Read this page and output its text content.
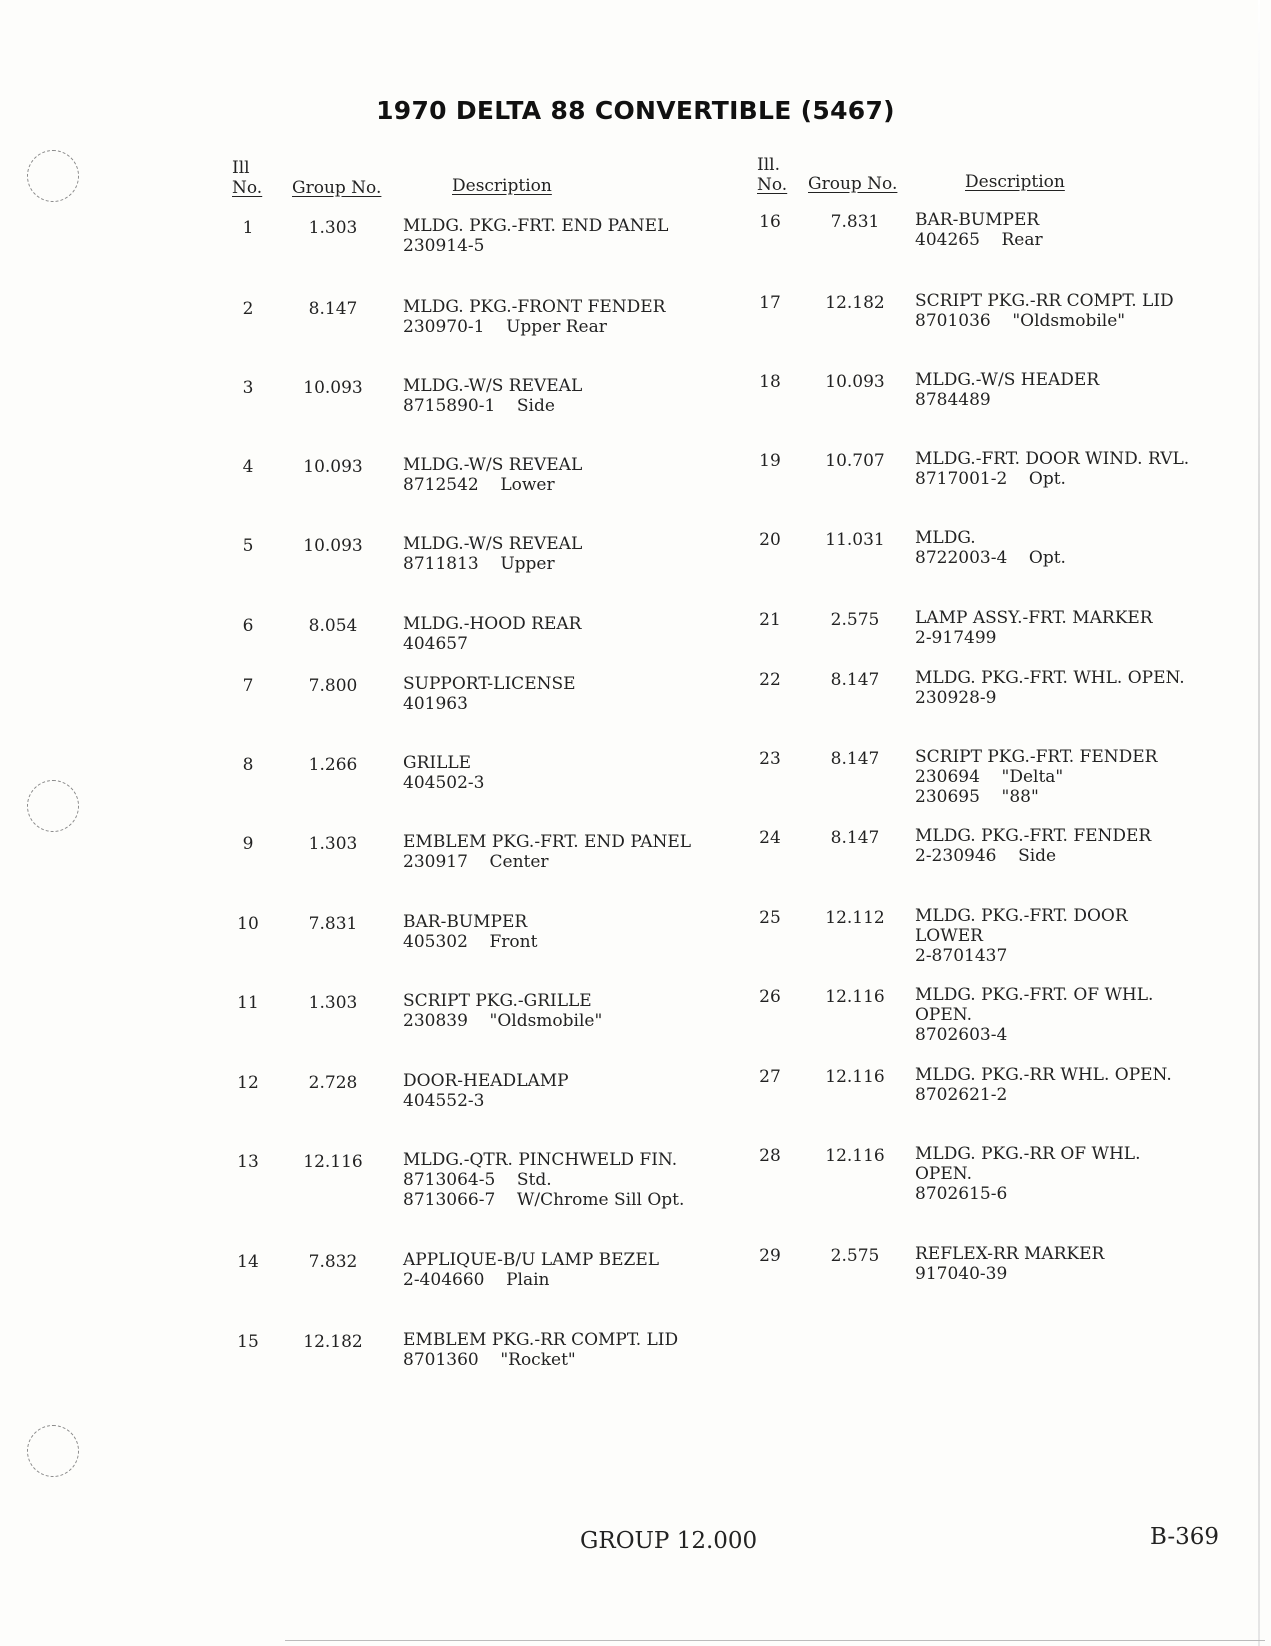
1970 DELTA 88 CONVERTIBLE (5467)
Ill
No. Group No.	Description
Ill.
No. Group No.	Description
1	1.303	MLDG. PKG.-FRT. END PANEL
230914-5
2	8.147	MLDG. PKG.-FRONT FENDER
230970-1    Upper Rear
3	10.093	MLDG.-W/S REVEAL
8715890-1    Side
4	10.093	MLDG.-W/S REVEAL
8712542    Lower
5	10.093	MLDG.-W/S REVEAL
8711813    Upper
6	8.054	MLDG.-HOOD REAR
404657
7	7.800	SUPPORT-LICENSE
401963
8	1.266	GRILLE
404502-3
9	1.303	EMBLEM PKG.-FRT. END PANEL
230917    Center
10	7.831	BAR-BUMPER
405302    Front
11	1.303	SCRIPT PKG.-GRILLE
230839    "Oldsmobile"
12	2.728	DOOR-HEADLAMP
404552-3
13	12.116	MLDG.-QTR. PINCHWELD FIN.
8713064-5    Std.
8713066-7    W/Chrome Sill Opt.
14	7.832	APPLIQUE-B/U LAMP BEZEL
2-404660    Plain
15	12.182	EMBLEM PKG.-RR COMPT. LID
8701360    "Rocket"
16	7.831	BAR-BUMPER
404265    Rear
17	12.182	SCRIPT PKG.-RR COMPT. LID
8701036    "Oldsmobile"
18	10.093	MLDG.-W/S HEADER
8784489
19	10.707	MLDG.-FRT. DOOR WIND. RVL.
8717001-2    Opt.
20	11.031	MLDG.
8722003-4    Opt.
21	2.575	LAMP ASSY.-FRT. MARKER
2-917499
22	8.147	MLDG. PKG.-FRT. WHL. OPEN.
230928-9
23	8.147	SCRIPT PKG.-FRT. FENDER
230694    "Delta"
230695    "88"
24	8.147	MLDG. PKG.-FRT. FENDER
2-230946    Side
25	12.112	MLDG. PKG.-FRT. DOOR
LOWER
2-8701437
26	12.116	MLDG. PKG.-FRT. OF WHL.
OPEN.
8702603-4
27	12.116	MLDG. PKG.-RR WHL. OPEN.
8702621-2
28	12.116	MLDG. PKG.-RR OF WHL.
OPEN.
8702615-6
29	2.575	REFLEX-RR MARKER
917040-39
GROUP 12.000	B-369
